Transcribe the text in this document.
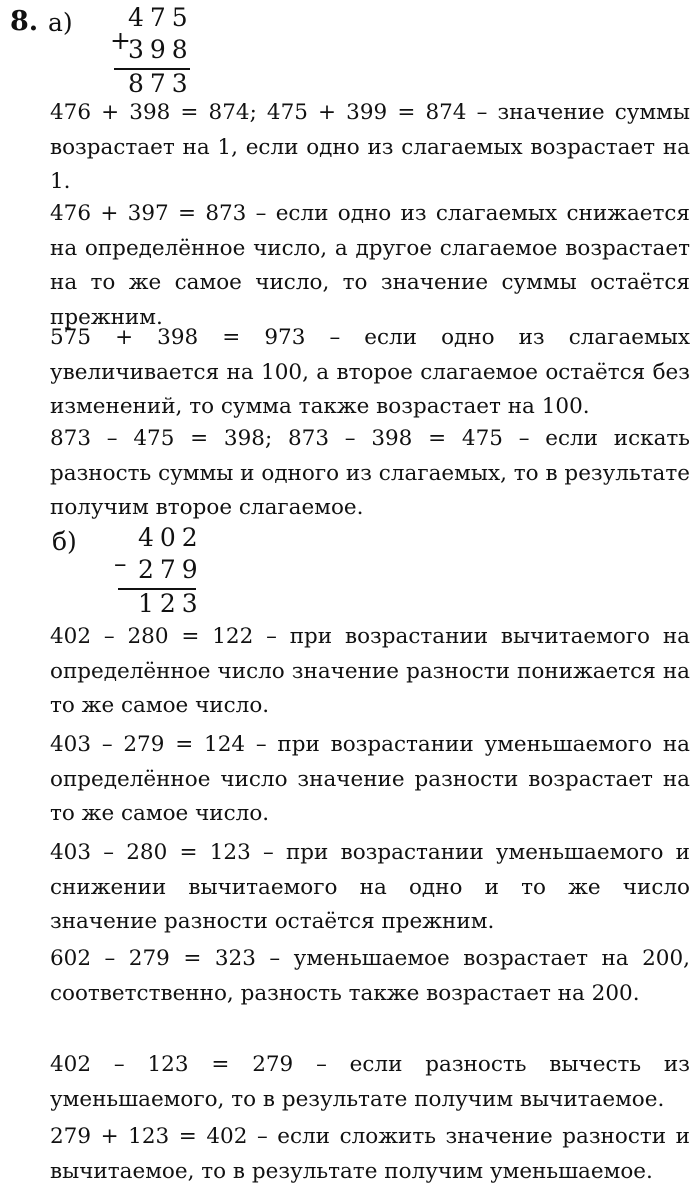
8. а)
+
475
398
873

476 + 398 = 874; 475 + 399 = 874 – значение суммы возрастает на 1, если одно из слагаемых возрастает на 1.

476 + 397 = 873 – если одно из слагаемых снижается на определённое число, а другое слагаемое возрастает на то же самое число, то значение суммы остаётся прежним.

575 + 398 = 973 – если одно из слагаемых увеличивается на 100, а второе слагаемое остаётся без изменений, то сумма также возрастает на 100.

873 – 475 = 398; 873 – 398 = 475 – если искать разность суммы и одного из слагаемых, то в результате получим второе слагаемое.

б)
–
402
279
123

402 – 280 = 122 – при возрастании вычитаемого на определённое число значение разности понижается на то же самое число.

403 – 279 = 124 – при возрастании уменьшаемого на определённое число значение разности возрастает на то же самое число.

403 – 280 = 123 – при возрастании уменьшаемого и снижении вычитаемого на одно и то же число значение разности остаётся прежним.

602 – 279 = 323 – уменьшаемое возрастает на 200, соответственно, разность также возрастает на 200.

402 – 123 = 279 – если разность вычесть из уменьшаемого, то в результате получим вычитаемое.

279 + 123 = 402 – если сложить значение разности и вычитаемое, то в результате получим уменьшаемое.
